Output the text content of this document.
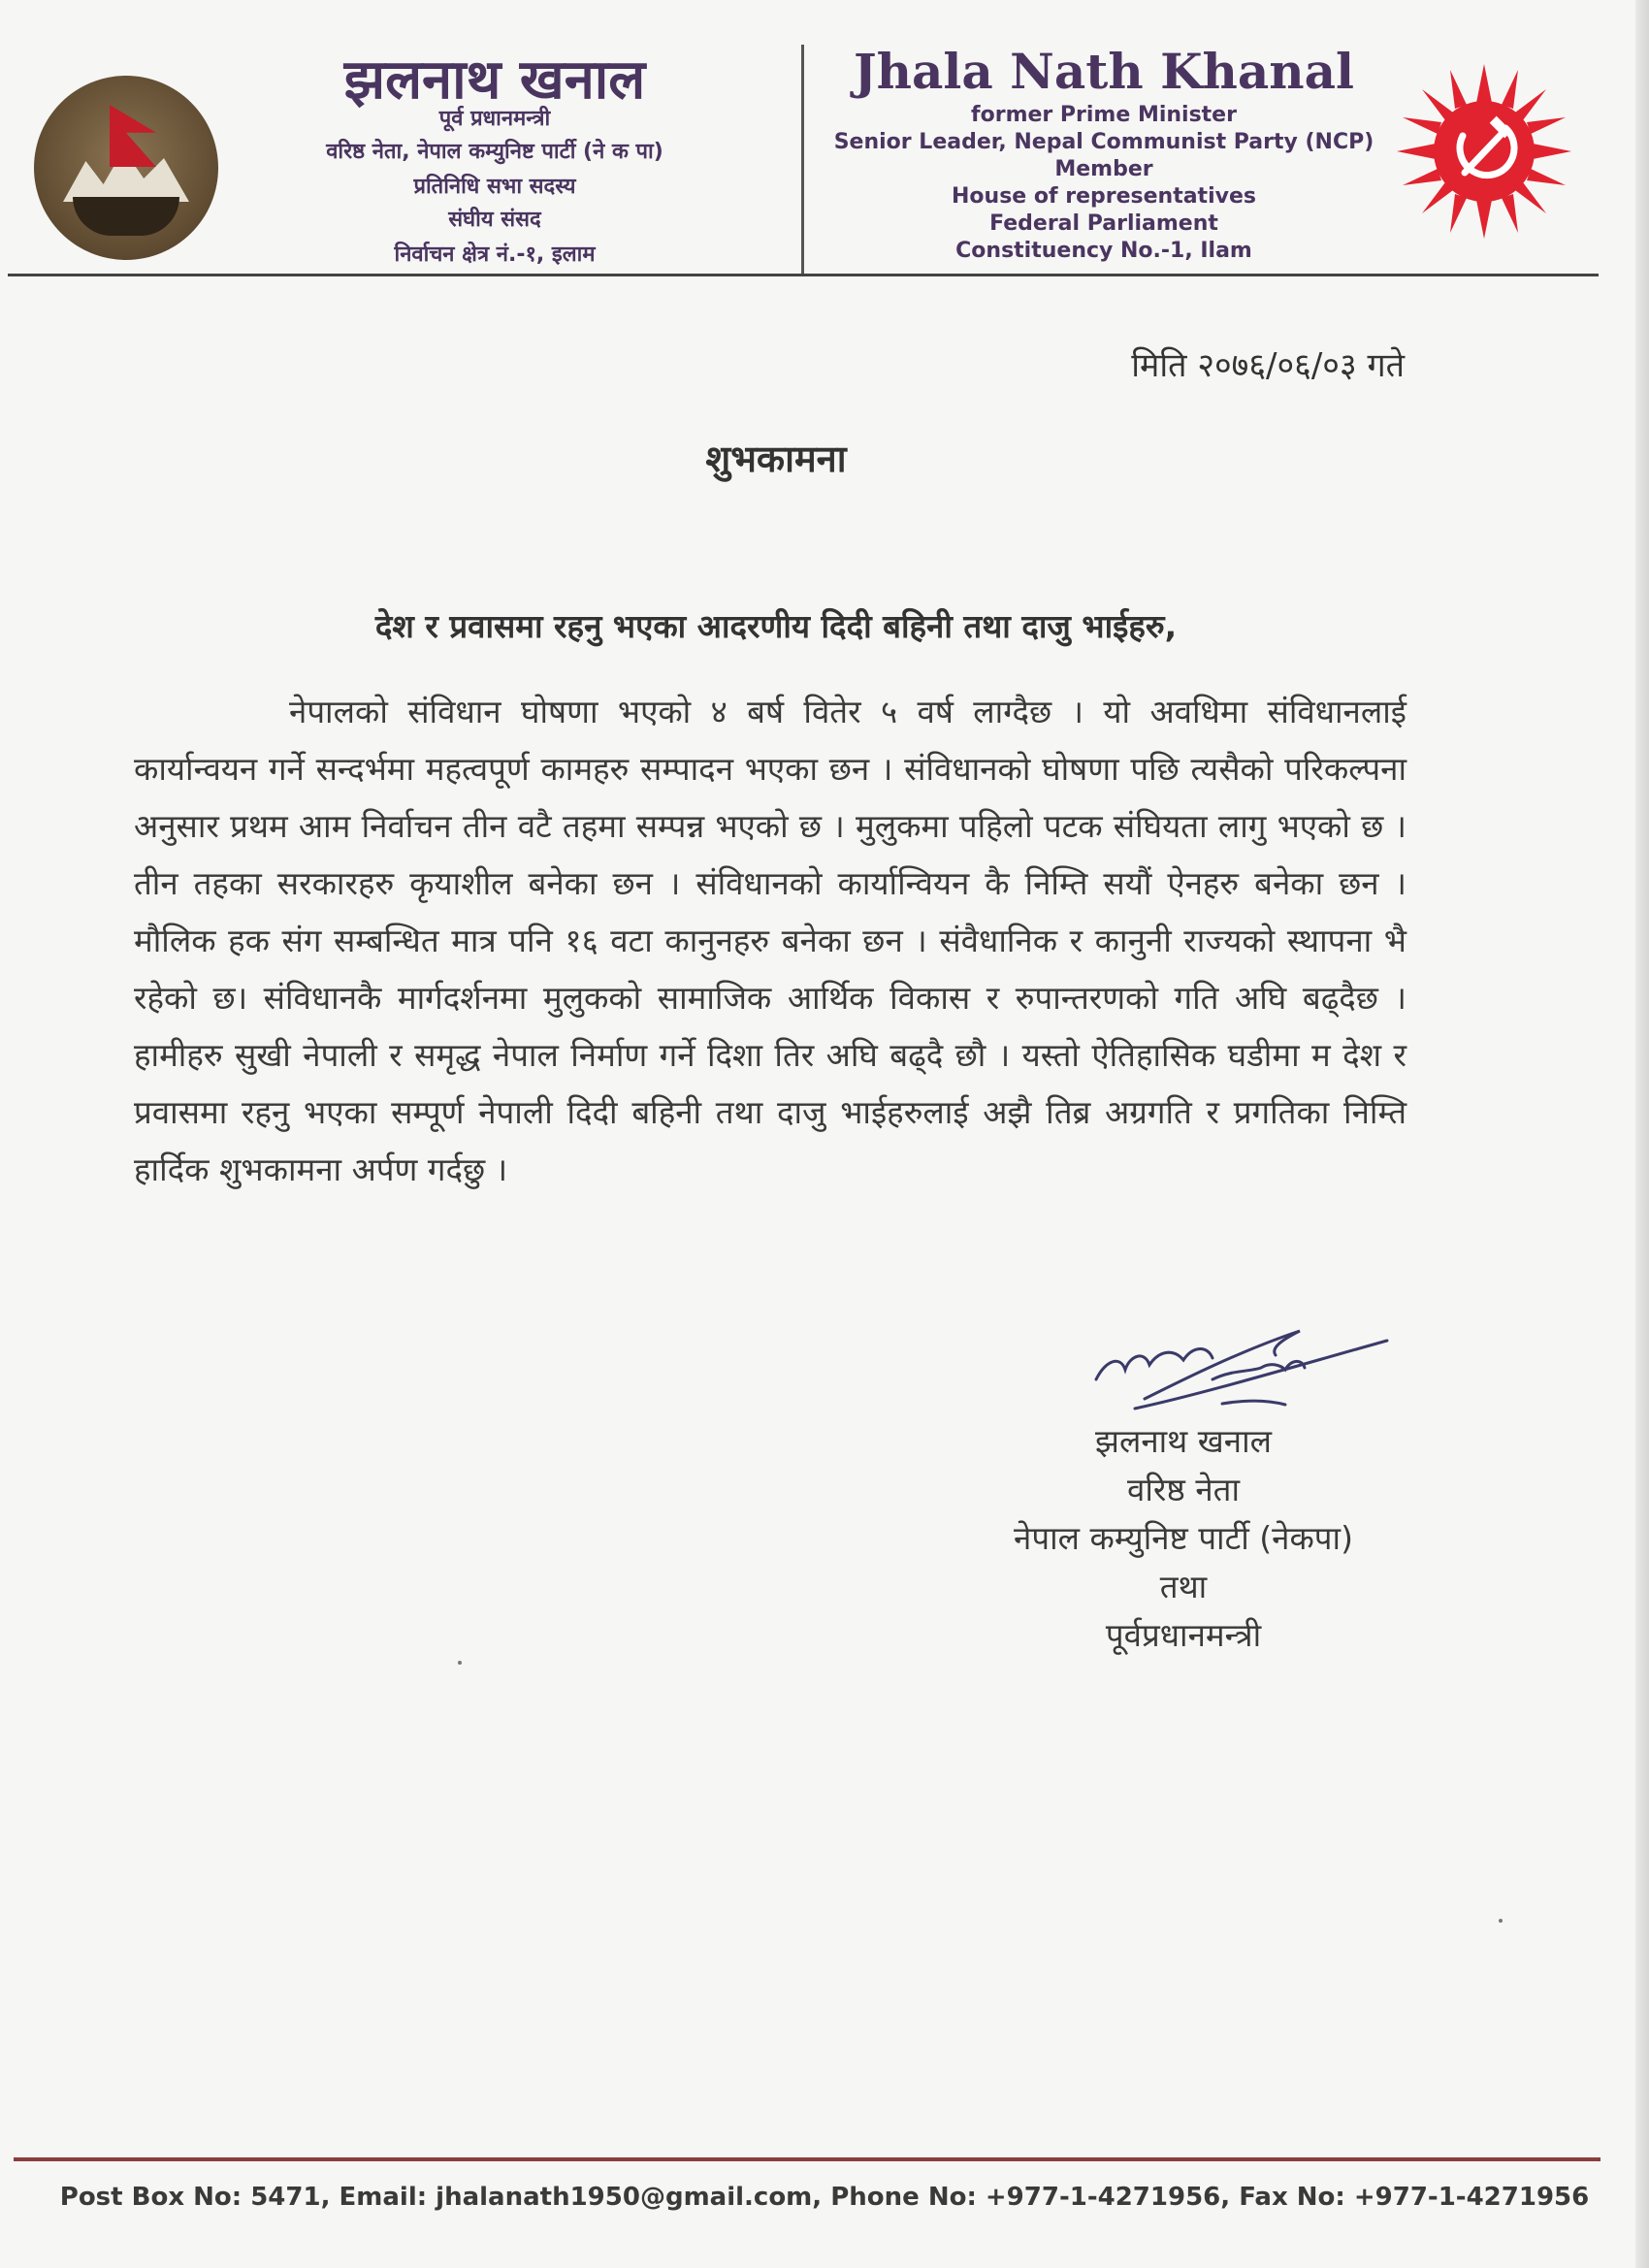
झलनाथ खनाल
पूर्व प्रधानमन्त्री
वरिष्ठ नेता, नेपाल कम्युनिष्ट पार्टी (ने क पा)
प्रतिनिधि सभा सदस्य
संघीय संसद
निर्वाचन क्षेत्र नं.-१, इलाम
Jhala Nath Khanal
former Prime Minister
Senior Leader, Nepal Communist Party (NCP)
Member
House of representatives
Federal Parliament
Constituency No.-1, Ilam
मिति २०७६/०६/०३ गते
शुभकामना
देश र प्रवासमा रहनु भएका आदरणीय दिदी बहिनी तथा दाजु भाईहरु,
नेपालको संविधान घोषणा भएको ४ बर्ष वितेर ५ वर्ष लाग्दैछ । यो अवधिमा संविधानलाई कार्यान्वयन गर्ने सन्दर्भमा महत्वपूर्ण कामहरु सम्पादन भएका छन । संविधानको घोषणा पछि त्यसैको परिकल्पना अनुसार प्रथम आम निर्वाचन तीन वटै तहमा सम्पन्न भएको छ । मुलुकमा पहिलो पटक संघियता लागु भएको छ । तीन तहका सरकारहरु कृयाशील बनेका छन । संविधानको कार्यान्वियन कै निम्ति सयौं ऐनहरु बनेका छन । मौलिक हक संग सम्बन्धित मात्र पनि १६ वटा कानुनहरु बनेका छन । संवैधानिक र कानुनी राज्यको स्थापना भै रहेको छ। संविधानकै मार्गदर्शनमा मुलुकको सामाजिक आर्थिक विकास र रुपान्तरणको गति अघि बढ्दैछ । हामीहरु सुखी नेपाली र समृद्ध नेपाल निर्माण गर्ने दिशा तिर अघि बढ्दै छौ । यस्तो ऐतिहासिक घडीमा म देश र प्रवासमा रहनु भएका सम्पूर्ण नेपाली दिदी बहिनी तथा दाजु भाईहरुलाई अझै तिब्र अग्रगति र प्रगतिका निम्ति हार्दिक शुभकामना अर्पण गर्दछु ।
झलनाथ खनाल
वरिष्ठ नेता
नेपाल कम्युनिष्ट पार्टी (नेकपा)
तथा
पूर्वप्रधानमन्त्री
Post Box No: 5471, Email: jhalanath1950@gmail.com, Phone No: +977-1-4271956, Fax No: +977-1-4271956
